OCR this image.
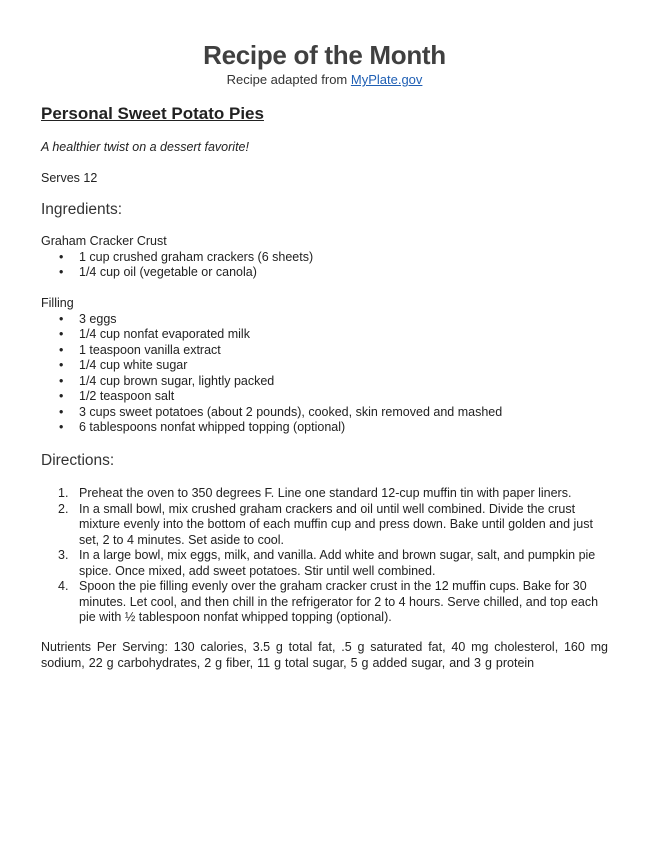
Recipe of the Month
Recipe adapted from MyPlate.gov
Personal Sweet Potato Pies
A healthier twist on a dessert favorite!
Serves 12
Ingredients:
Graham Cracker Crust
• 1 cup crushed graham crackers (6 sheets)
• 1/4 cup oil (vegetable or canola)
Filling
• 3 eggs
• 1/4 cup nonfat evaporated milk
• 1 teaspoon vanilla extract
• 1/4 cup white sugar
• 1/4 cup brown sugar, lightly packed
• 1/2 teaspoon salt
• 3 cups sweet potatoes (about 2 pounds), cooked, skin removed and mashed
• 6 tablespoons nonfat whipped topping (optional)
Directions:
1. Preheat the oven to 350 degrees F. Line one standard 12-cup muffin tin with paper liners.
2. In a small bowl, mix crushed graham crackers and oil until well combined. Divide the crust mixture evenly into the bottom of each muffin cup and press down. Bake until golden and just set, 2 to 4 minutes. Set aside to cool.
3. In a large bowl, mix eggs, milk, and vanilla. Add white and brown sugar, salt, and pumpkin pie spice. Once mixed, add sweet potatoes. Stir until well combined.
4. Spoon the pie filling evenly over the graham cracker crust in the 12 muffin cups. Bake for 30 minutes. Let cool, and then chill in the refrigerator for 2 to 4 hours. Serve chilled, and top each pie with ½ tablespoon nonfat whipped topping (optional).
Nutrients Per Serving: 130 calories, 3.5 g total fat, .5 g saturated fat, 40 mg cholesterol, 160 mg sodium, 22 g carbohydrates, 2 g fiber, 11 g total sugar, 5 g added sugar, and 3 g protein
